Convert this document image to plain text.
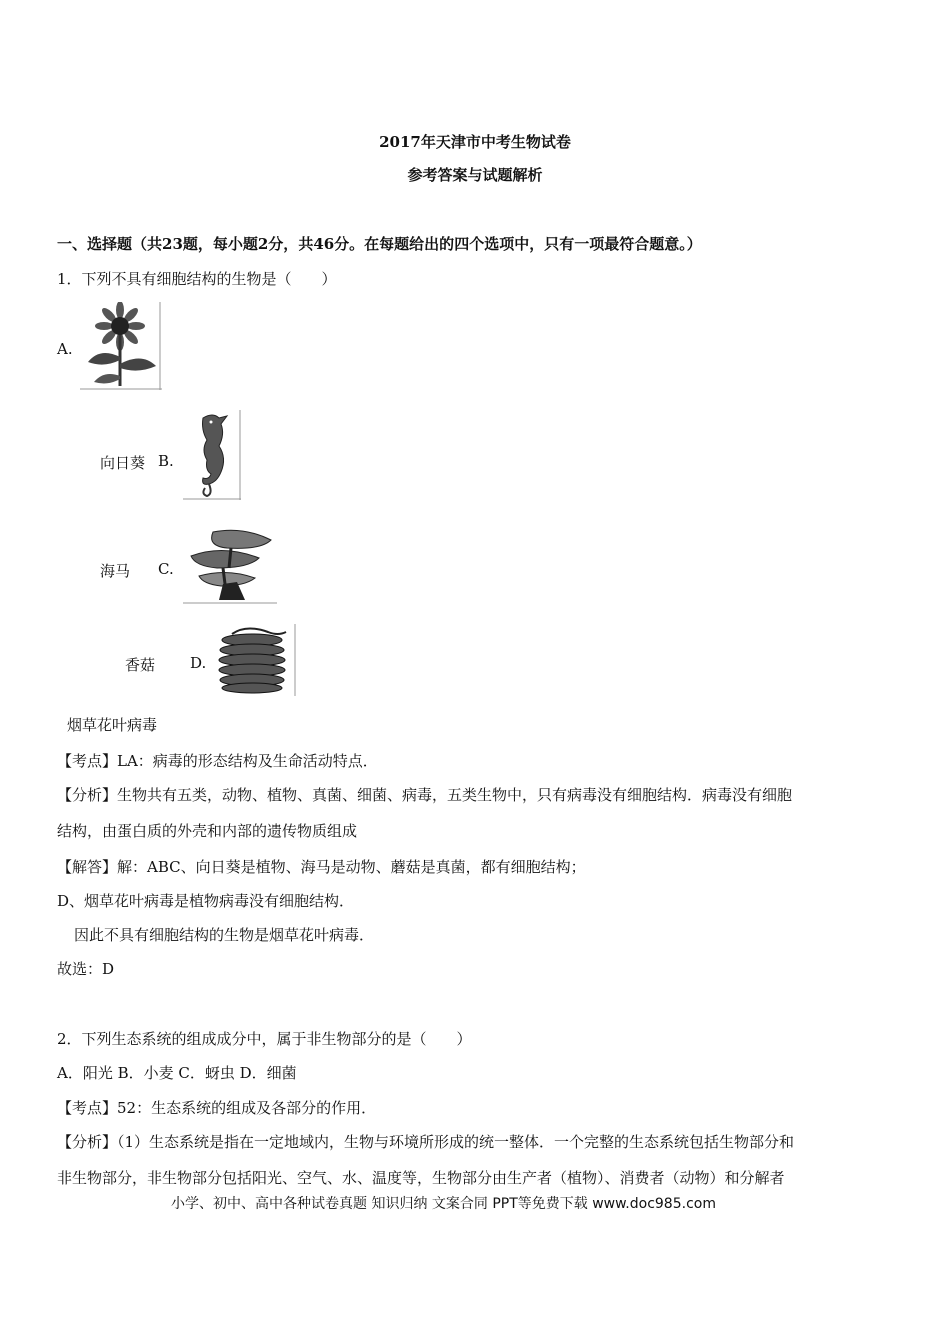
2017年天津市中考生物试卷
参考答案与试题解析
一、选择题（共23题，每小题2分，共46分。在每题给出的四个选项中，只有一项最符合题意。）
1．下列不具有细胞结构的生物是（　　）
A.
向日葵 B.
海马 C.
香菇 D.
烟草花叶病毒
【考点】LA：病毒的形态结构及生命活动特点．
【分析】生物共有五类，动物、植物、真菌、细菌、病毒，五类生物中，只有病毒没有细胞结构．病毒没有细胞
结构，由蛋白质的外壳和内部的遗传物质组成
【解答】解：ABC、向日葵是植物、海马是动物、蘑菇是真菌，都有细胞结构；
D、烟草花叶病毒是植物病毒没有细胞结构．
因此不具有细胞结构的生物是烟草花叶病毒．
故选：D
2．下列生态系统的组成成分中，属于非生物部分的是（　　）
A．阳光 B．小麦 C．蚜虫 D．细菌
【考点】52：生态系统的组成及各部分的作用．
【分析】（1）生态系统是指在一定地域内，生物与环境所形成的统一整体．一个完整的生态系统包括生物部分和
非生物部分，非生物部分包括阳光、空气、水、温度等，生物部分由生产者（植物）、消费者（动物）和分解者
小学、初中、高中各种试卷真题 知识归纳 文案合同 PPT等免费下载 www.doc985.com
